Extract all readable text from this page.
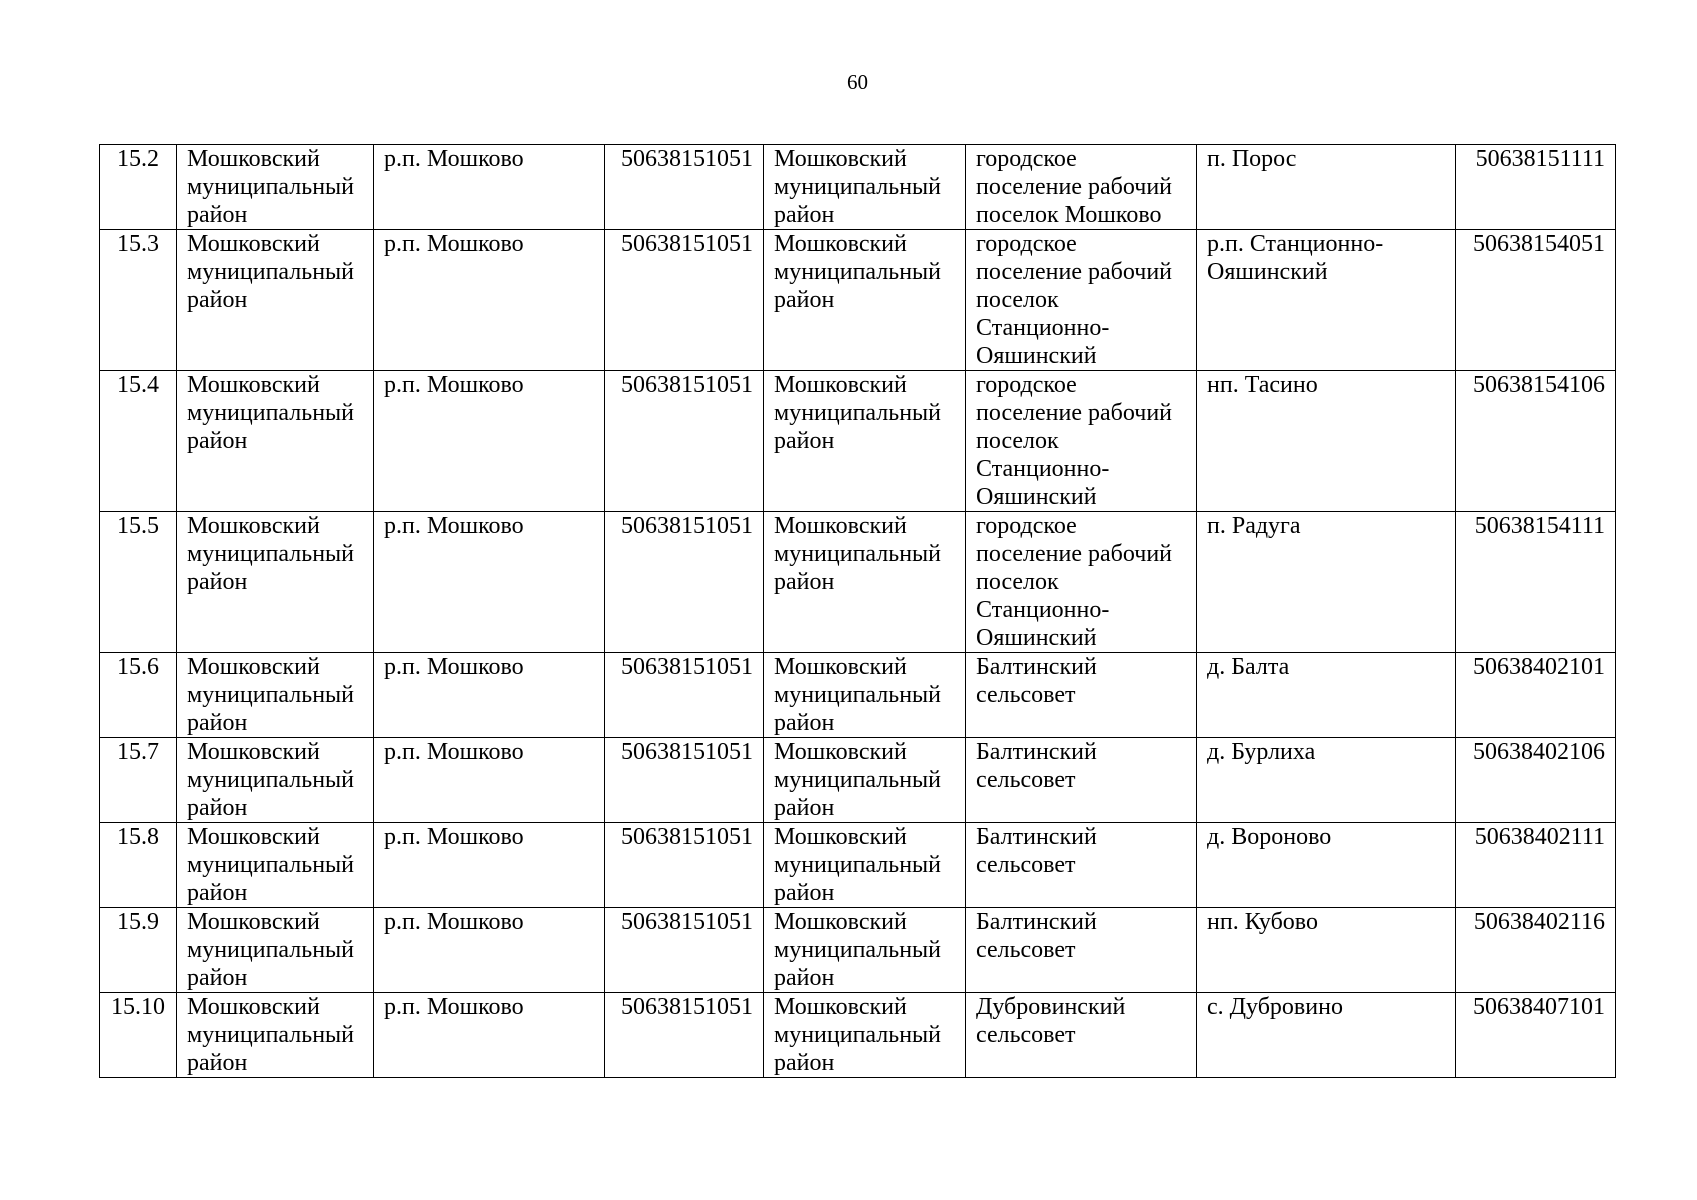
60
15.2	Мошковский муниципальный район	р.п. Мошково	50638151051	Мошковский муниципальный район	городское поселение рабочий поселок Мошково	п. Порос	50638151111
15.3	Мошковский муниципальный район	р.п. Мошково	50638151051	Мошковский муниципальный район	городское поселение рабочий поселок Станционно-Ояшинский	р.п. Станционно-Ояшинский	50638154051
15.4	Мошковский муниципальный район	р.п. Мошково	50638151051	Мошковский муниципальный район	городское поселение рабочий поселок Станционно-Ояшинский	нп. Тасино	50638154106
15.5	Мошковский муниципальный район	р.п. Мошково	50638151051	Мошковский муниципальный район	городское поселение рабочий поселок Станционно-Ояшинский	п. Радуга	50638154111
15.6	Мошковский муниципальный район	р.п. Мошково	50638151051	Мошковский муниципальный район	Балтинский сельсовет	д. Балта	50638402101
15.7	Мошковский муниципальный район	р.п. Мошково	50638151051	Мошковский муниципальный район	Балтинский сельсовет	д. Бурлиха	50638402106
15.8	Мошковский муниципальный район	р.п. Мошково	50638151051	Мошковский муниципальный район	Балтинский сельсовет	д. Вороново	50638402111
15.9	Мошковский муниципальный район	р.п. Мошково	50638151051	Мошковский муниципальный район	Балтинский сельсовет	нп. Кубово	50638402116
15.10	Мошковский муниципальный район	р.п. Мошково	50638151051	Мошковский муниципальный район	Дубровинский сельсовет	с. Дубровино	50638407101
